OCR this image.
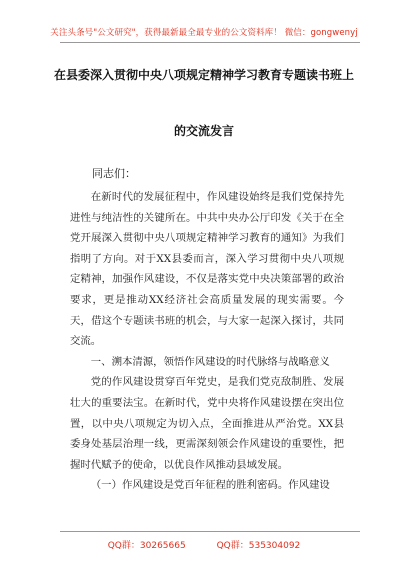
关注头条号"公文研究"，获得最新最全最专业的公文资料库！ 微信：gongwenyj
在县委深入贯彻中央八项规定精神学习教育专题读书班上
的交流发言
同志们：

在新时代的发展征程中，作风建设始终是我们党保持先进性与纯洁性的关键所在。中共中央办公厅印发《关于在全党开展深入贯彻中央八项规定精神学习教育的通知》为我们指明了方向。对于XX县委而言，深入学习贯彻中央八项规定精神，加强作风建设，不仅是落实党中央决策部署的政治要求，更是推动XX经济社会高质量发展的现实需要。今天，借这个专题读书班的机会，与大家一起深入探讨，共同交流。

一、溯本清源，领悟作风建设的时代脉络与战略意义

党的作风建设贯穿百年党史，是我们党克敌制胜、发展壮大的重要法宝。在新时代，党中央将作风建设摆在突出位置，以中央八项规定为切入点，全面推进从严治党。XX县委身处基层治理一线，更需深刻领会作风建设的重要性，把握时代赋予的使命，以优良作风推动县域发展。

（一）作风建设是党百年征程的胜利密码。作风建设

QQ群：30265665	QQ群：535304092
